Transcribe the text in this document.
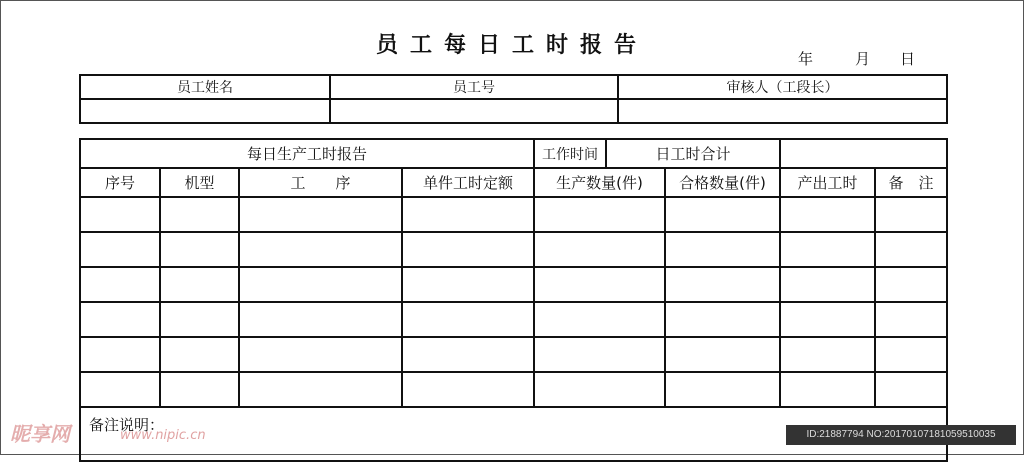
员工每日工时报告
年	月 日
员工姓名	员工号	审核人（工段长）

每日生产工时报告				工作时间	日工时合计			
序号	机型	工　　序	单件工时定额	生产数量(件)		合格数量(件)	产出工时	备　注

备注说明：								
昵享网	www.nipic.cn	ID:21887794 NO:20170107181059510035
